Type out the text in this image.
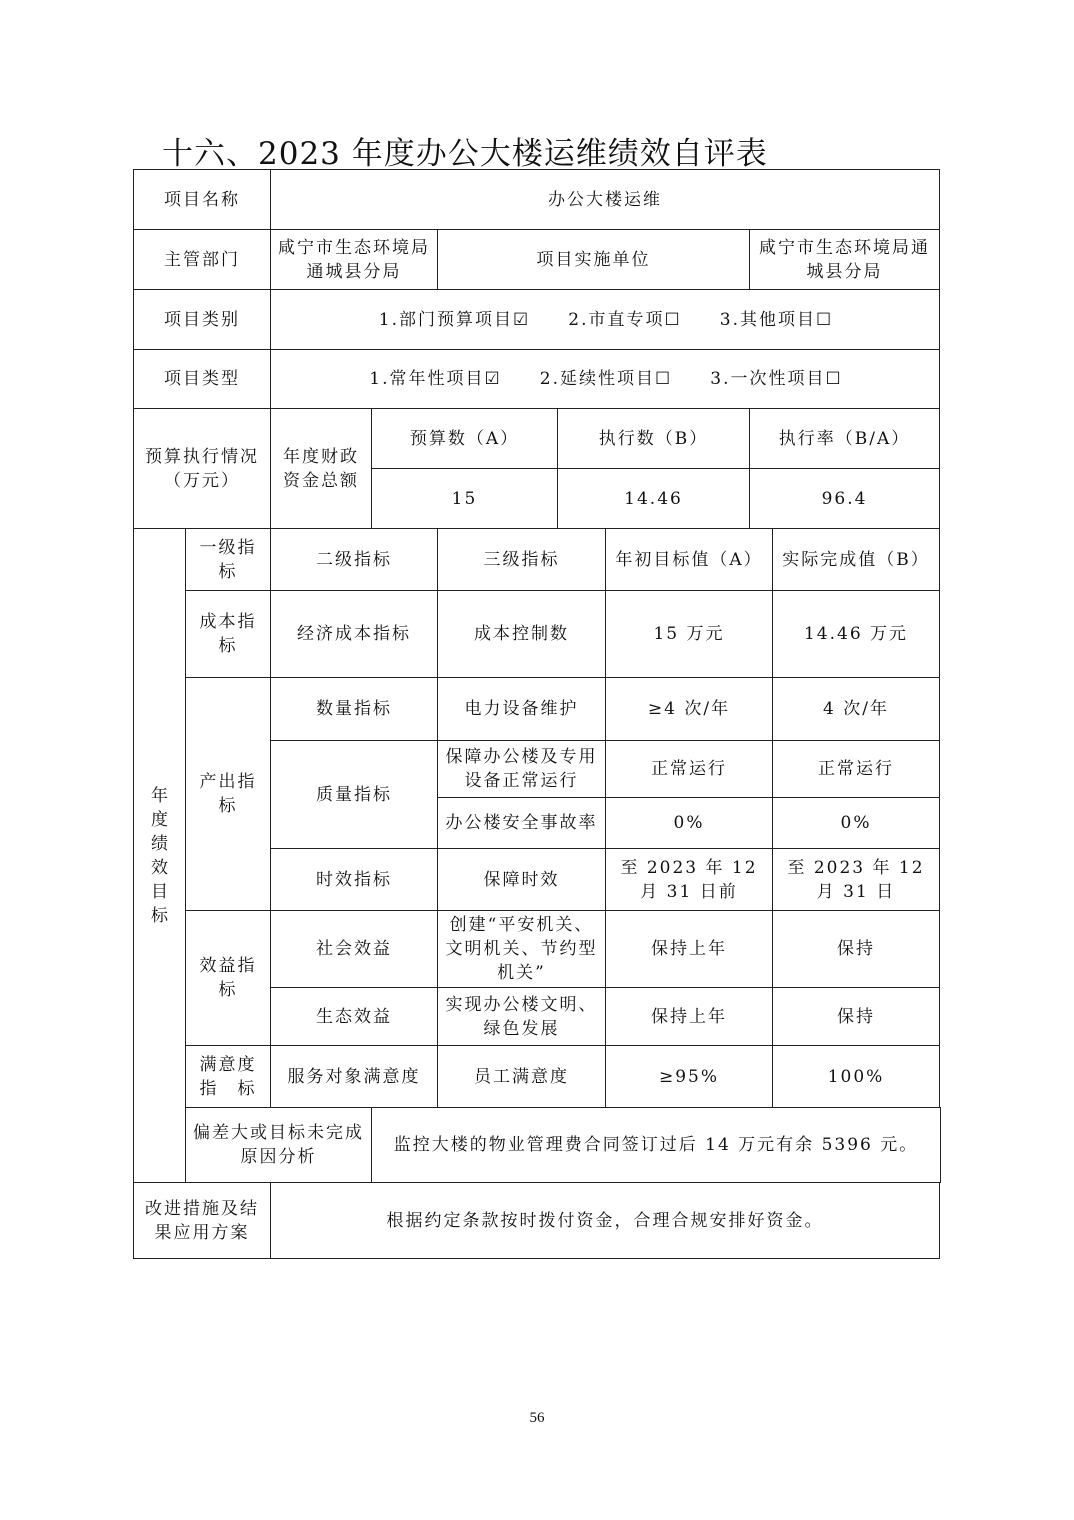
十六、2023 年度办公大楼运维绩效自评表
项目名称		办公大楼运维						
主管部门		咸宁市生态环境局通城县分局		项目实施单位			咸宁市生态环境局通城县分局	
项目类别		1.部门预算项目☑ 2.市直专项☐ 3.其他项目☐						
项目类型		1.常年性项目☑ 2.延续性项目☐ 3.一次性项目☐						
预算执行情况（万元）		年度财政资金总额	预算数（A）		执行数（B）		执行率（B/A）	
			15		14.46		96.4	
年度绩效目标	一级指标	二级指标		三级指标		年初目标值（A）		实际完成值（B）
	成本指标	经济成本指标		成本控制数		15 万元		14.46 万元
	产出指标	数量指标		电力设备维护		≥4 次/年		4 次/年
		质量指标		保障办公楼及专用设备正常运行		正常运行		正常运行
				办公楼安全事故率		0%		0%
		时效指标		保障时效		至 2023 年 12 月 31 日前		至 2023 年 12 月 31 日
	效益指标	社会效益		创建“平安机关、文明机关、节约型机关”		保持上年		保持
		生态效益		实现办公楼文明、绿色发展		保持上年		保持
	满意度指　标	服务对象满意度		员工满意度		≥95%		100%
	偏差大或目标未完成原因分析		监控大楼的物业管理费合同签订过后 14 万元有余 5396 元。					
改进措施及结果应用方案		根据约定条款按时拨付资金，合理合规安排好资金。						
56
